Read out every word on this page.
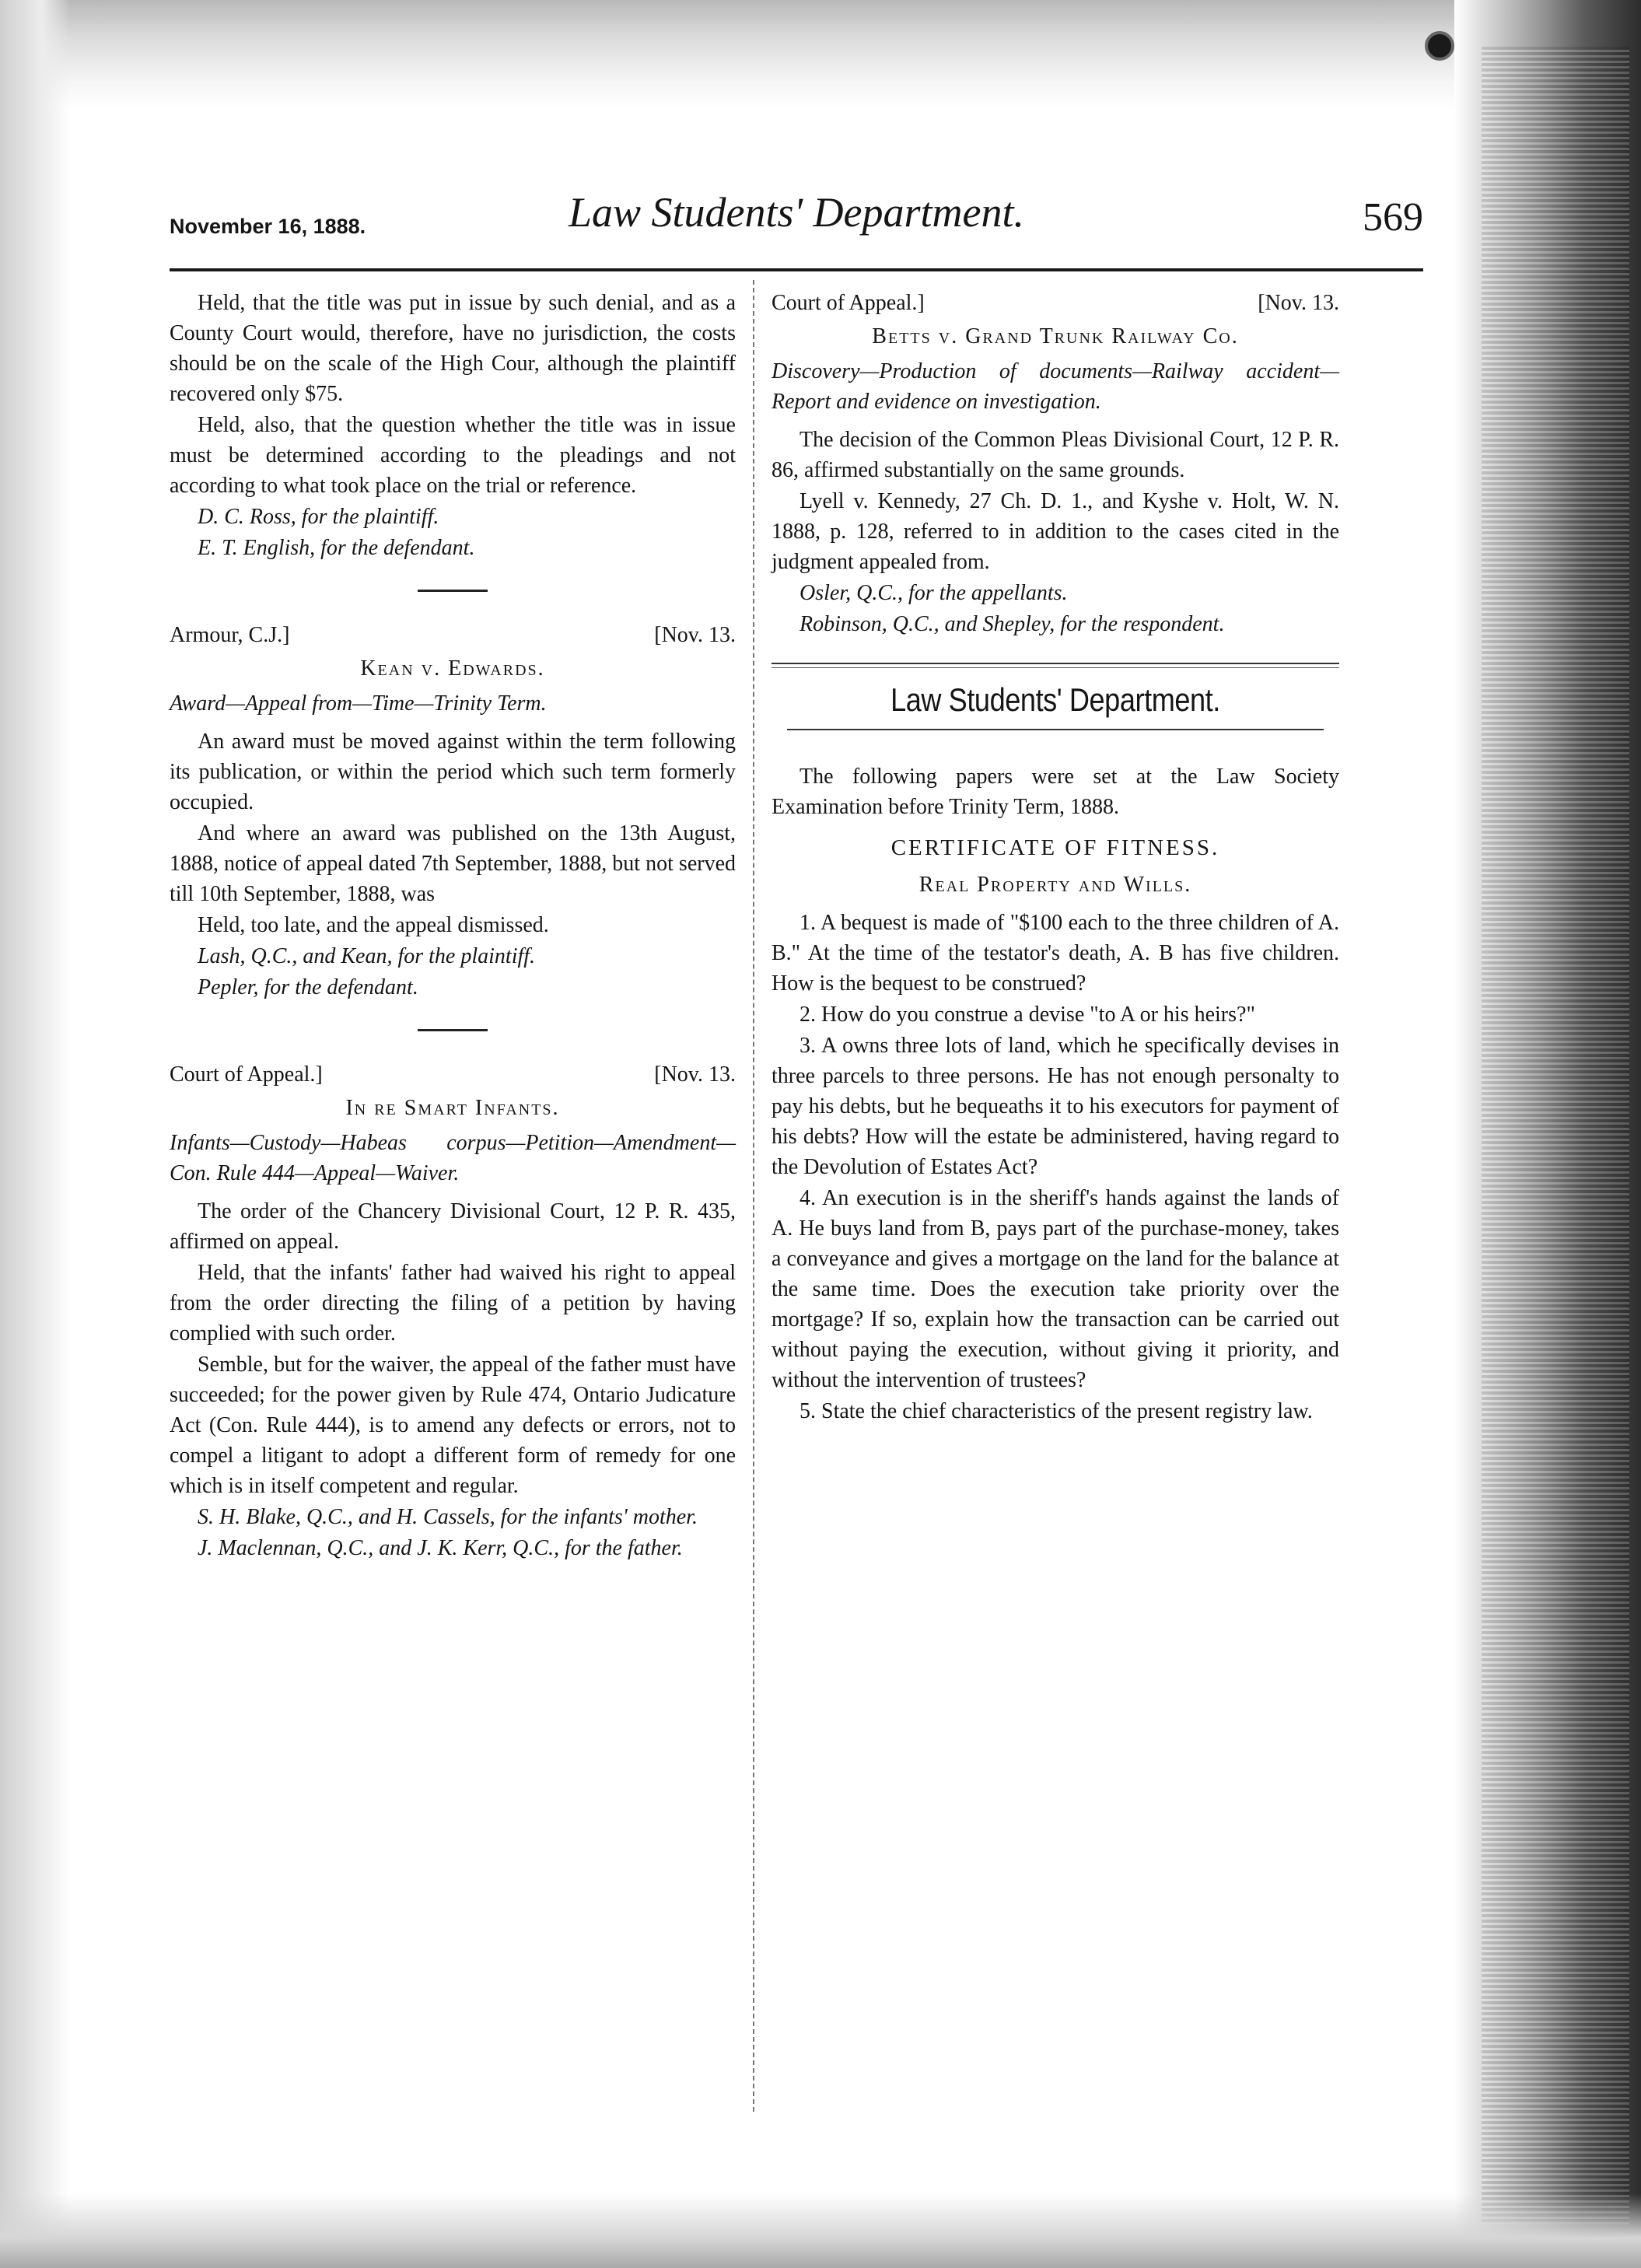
November 16, 1888.	Law Students' Department.	569

Held, that the title was put in issue by such denial, and as a County Court would, therefore, have no jurisdiction, the costs should be on the scale of the High Cour, although the plaintiff recovered only $75.

Held, also, that the question whether the title was in issue must be determined according to the pleadings and not according to what took place on the trial or reference.

D. C. Ross, for the plaintiff.

E. T. English, for the defendant.

Armour, C.J.]	[Nov. 13.
Kean v. Edwards.
Award—Appeal from—Time—Trinity Term.

An award must be moved against within the term following its publication, or within the period which such term formerly occupied.

And where an award was published on the 13th August, 1888, notice of appeal dated 7th September, 1888, but not served till 10th September, 1888, was

Held, too late, and the appeal dismissed.

Lash, Q.C., and Kean, for the plaintiff.

Pepler, for the defendant.

Court of Appeal.]	[Nov. 13.
In re Smart Infants.
Infants—Custody—Habeas corpus—Petition—Amendment—Con. Rule 444—Appeal—Waiver.

The order of the Chancery Divisional Court, 12 P. R. 435, affirmed on appeal.

Held, that the infants' father had waived his right to appeal from the order directing the filing of a petition by having complied with such order.

Semble, but for the waiver, the appeal of the father must have succeeded; for the power given by Rule 474, Ontario Judicature Act (Con. Rule 444), is to amend any defects or errors, not to compel a litigant to adopt a different form of remedy for one which is in itself competent and regular.

S. H. Blake, Q.C., and H. Cassels, for the infants' mother.

J. Maclennan, Q.C., and J. K. Kerr, Q.C., for the father.

Court of Appeal.]	[Nov. 13.
Betts v. Grand Trunk Railway Co.
Discovery—Production of documents—Railway accident—Report and evidence on investigation.

The decision of the Common Pleas Divisional Court, 12 P. R. 86, affirmed substantially on the same grounds.

Lyell v. Kennedy, 27 Ch. D. 1., and Kyshe v. Holt, W. N. 1888, p. 128, referred to in addition to the cases cited in the judgment appealed from.

Osler, Q.C., for the appellants.

Robinson, Q.C., and Shepley, for the respondent.

Law Students' Department.

The following papers were set at the Law Society Examination before Trinity Term, 1888.

CERTIFICATE OF FITNESS.
Real Property and Wills.

1. A bequest is made of "$100 each to the three children of A. B." At the time of the testator's death, A. B has five children. How is the bequest to be construed?

2. How do you construe a devise "to A or his heirs?"

3. A owns three lots of land, which he specifically devises in three parcels to three persons. He has not enough personalty to pay his debts, but he bequeaths it to his executors for payment of his debts? How will the estate be administered, having regard to the Devolution of Estates Act?

4. An execution is in the sheriff's hands against the lands of A. He buys land from B, pays part of the purchase-money, takes a conveyance and gives a mortgage on the land for the balance at the same time. Does the execution take priority over the mortgage? If so, explain how the transaction can be carried out without paying the execution, without giving it priority, and without the intervention of trustees?

5. State the chief characteristics of the present registry law.
